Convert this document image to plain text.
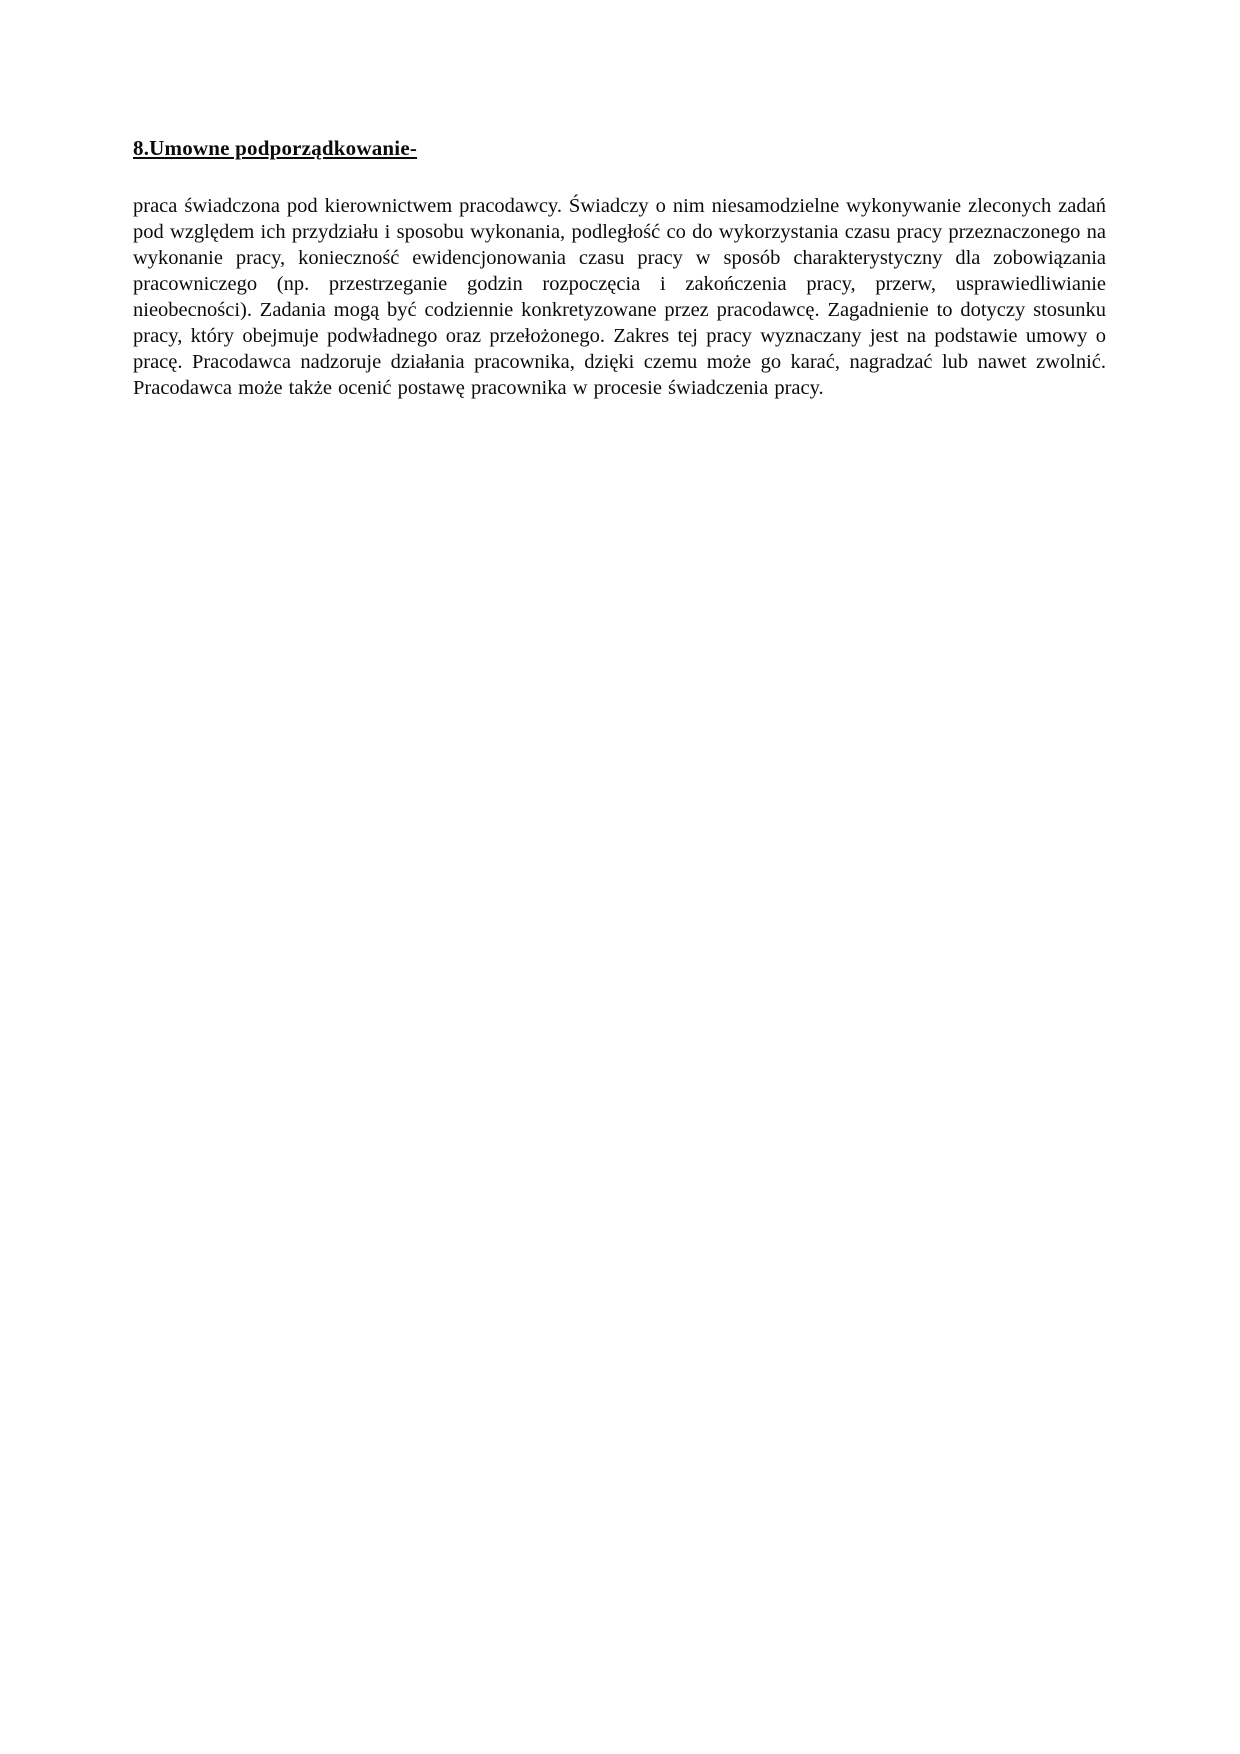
8.Umowne podporządkowanie-

praca świadczona pod kierownictwem pracodawcy. Świadczy o nim niesamodzielne wykonywanie zleconych zadań pod względem ich przydziału i sposobu wykonania, podległość co do wykorzystania czasu pracy przeznaczonego na wykonanie pracy, konieczność ewidencjonowania czasu pracy w sposób charakterystyczny dla zobowiązania pracowniczego (np. przestrzeganie godzin rozpoczęcia i zakończenia pracy, przerw, usprawiedliwianie nieobecności). Zadania mogą być codziennie konkretyzowane przez pracodawcę. Zagadnienie to dotyczy stosunku pracy, który obejmuje podwładnego oraz przełożonego. Zakres tej pracy wyznaczany jest na podstawie umowy o pracę. Pracodawca nadzoruje działania pracownika, dzięki czemu może go karać, nagradzać lub nawet zwolnić. Pracodawca może także ocenić postawę pracownika w procesie świadczenia pracy.
